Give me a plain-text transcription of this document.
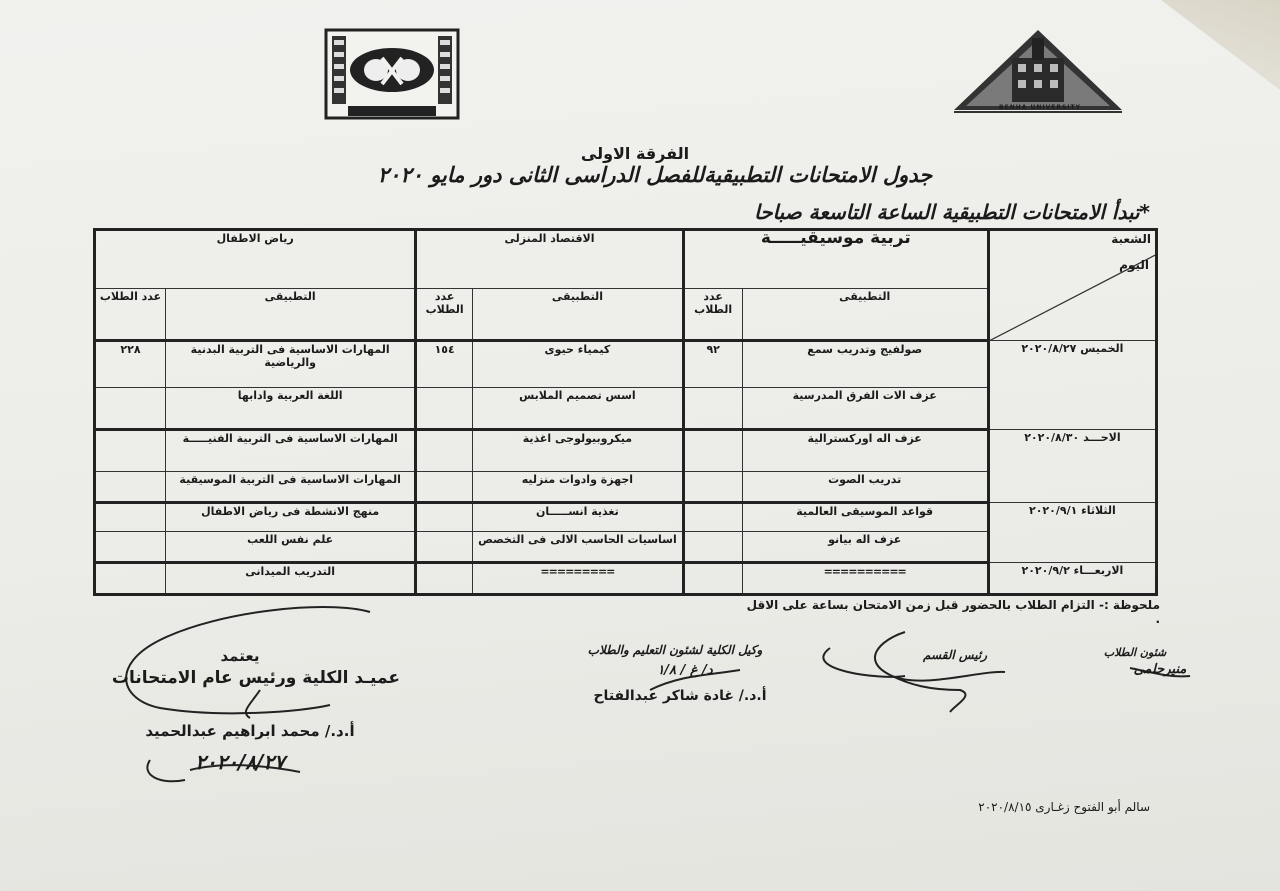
BENHA UNIVERSITY
الفرقة الاولى
جدول الامتحانات التطبيقيةللفصل الدراسى الثانى دور مايو ٢٠٢٠
*تبدأ الامتحانات التطبيقية الساعة التاسعة صباحا
الشعبة
اليوم	تربية موسيقيـــــة		الاقتصاد المنزلى		رياض الاطفال	
	التطبيقى	عدد الطلاب	التطبيقى	عدد الطلاب	التطبيقى	عدد الطلاب
الخميس ٢٠٢٠/٨/٢٧	صولفيج وتدريب سمع	٩٢	كيمياء حيوى	١٥٤	المهارات الاساسية فى التربية البدنية والرياضية	٢٢٨
	عزف الات الفرق المدرسية		اسس تصميم الملابس		اللغة العربية وادابها	
الاحـــد ٢٠٢٠/٨/٣٠	عزف اله اوركسترالية		ميكروبيولوجى اغذية		المهارات الاساسية فى التربية الفنيـــــة	
	تدريب الصوت		اجهزة وادوات منزليه		المهارات الاساسية فى التربية الموسيقية	
الثلاثاء ٢٠٢٠/٩/١	قواعد الموسيقى العالمية		تغذية انســـــان		منهج الانشطة فى رياض الاطفال	
	عزف اله بيانو		اساسيات الحاسب الالى فى التخصص		علم نفس اللعب	
الاربعـــاء ٢٠٢٠/٩/٢	==========		=========		التدريب الميدانى	
ملحوظة :- التزام الطلاب بالحضور قبل زمن الامتحان بساعة على الاقل .
شئون الطلاب
منيرحلمى
رئيس القسم
وكيل الكلية لشئون التعليم والطلاب
د/ غ / ١/٨
أ.د./ غادة شاكر عبدالفتاح
يعتمد
عميـد الكلية ورئيس عام الامتحانات
أ.د./ محمد ابراهيم عبدالحميد
٢٠٢٠/٨/٢٧
سالم أبو الفتوح زغـارى ٢٠٢٠/٨/١٥
